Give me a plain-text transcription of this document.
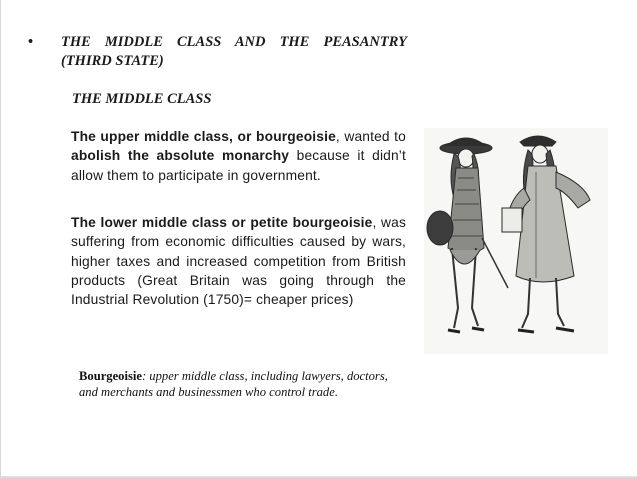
•	THE MIDDLE CLASS AND THE PEASANTRY
(THIRD STATE)
THE MIDDLE CLASS
The upper middle class, or bourgeoisie, wanted to abolish the absolute monarchy because it didn’t allow them to participate in government.
The lower middle class or petite bourgeoisie, was suffering from economic difficulties caused by wars, higher taxes and increased competition from British products (Great Britain was going through the Industrial Revolution (1750)= cheaper prices)
Bourgeoisie: upper middle class, including lawyers, doctors, and merchants and businessmen who control trade.
